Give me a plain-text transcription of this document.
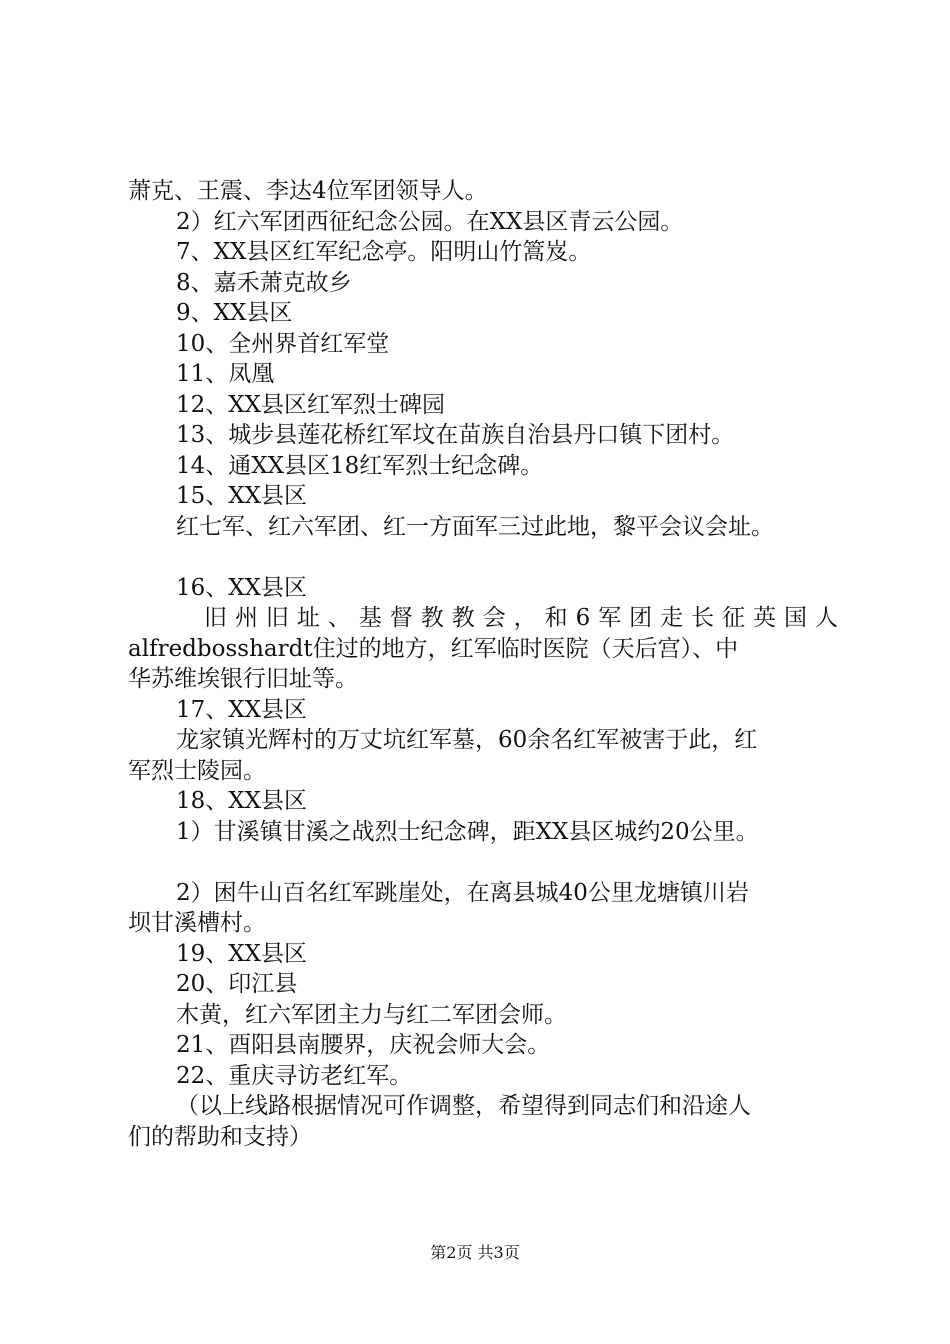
萧克、王震、李达4位军团领导人。
2）红六军团西征纪念公园。在XX县区青云公园。
7、XX县区红军纪念亭。阳明山竹篙岌。
8、嘉禾萧克故乡
9、XX县区
10、全州界首红军堂
11、凤凰
12、XX县区红军烈士碑园
13、城步县莲花桥红军坟在苗族自治县丹口镇下团村。
14、通XX县区18红军烈士纪念碑。
15、XX县区
红七军、红六军团、红一方面军三过此地，黎平会议会址。
16、XX县区
旧州旧址、基督教教会，和6军团走长征英国人
alfredbosshardt住过的地方，红军临时医院（天后宫）、中
华苏维埃银行旧址等。
17、XX县区
龙家镇光辉村的万丈坑红军墓，60余名红军被害于此，红
军烈士陵园。
18、XX县区
1）甘溪镇甘溪之战烈士纪念碑，距XX县区城约20公里。
2）困牛山百名红军跳崖处，在离县城40公里龙塘镇川岩
坝甘溪槽村。
19、XX县区
20、印江县
木黄，红六军团主力与红二军团会师。
21、酉阳县南腰界，庆祝会师大会。
22、重庆寻访老红军。
（以上线路根据情况可作调整，希望得到同志们和沿途人
们的帮助和支持）
第2页 共3页
